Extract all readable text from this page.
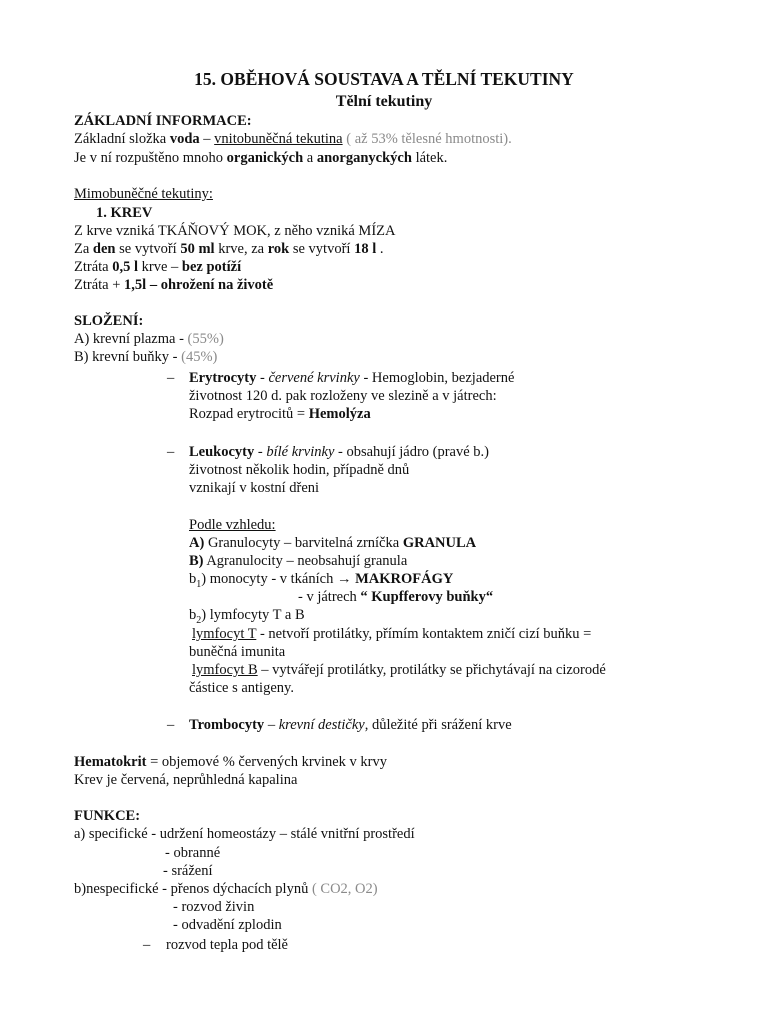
15. OBĚHOVÁ SOUSTAVA A TĚLNÍ TEKUTINY
Tělní tekutiny
ZÁKLADNÍ INFORMACE:
Základní složka voda – vnitobuněčná tekutina ( až 53% tělesné hmotnosti).
Je v ní rozpuštěno mnoho organických a anorganyckých látek.
Mimobuněčné tekutiny:
1. KREV
Z krve vzniká TKÁŇOVÝ MOK, z něho vzniká MÍZA
Za den se vytvoří 50 ml krve, za rok se vytvoří 18 l .
Ztráta 0,5 l krve – bez potíží
Ztráta + 1,5l – ohrožení na životě
SLOŽENÍ:
A) krevní plazma - (55%)
B) krevní buňky - (45%)
– Erytrocyty - červené krvinky - Hemoglobin, bezjaderné
životnost 120 d. pak rozloženy ve slezině a v játrech:
Rozpad erytrocitů = Hemolýza
– Leukocyty - bílé krvinky - obsahují jádro (pravé b.)
životnost několik hodin, případně dnů
vznikají v kostní dřeni
Podle vzhledu:
A) Granulocyty – barvitelná zrníčka GRANULA
B) Agranulocity – neobsahují granula
$b_1$) monocyty - v tkáních → MAKROFÁGY
- v játrech “ Kupfferovy buňky“
$b_2$) lymfocyty T a B
lymfocyt T - netvoří protilátky, přímím kontaktem zničí cizí buňku =
buněčná imunita
lymfocyt B – vytvářejí protilátky, protilátky se přichytávají na cizorodé
částice s antigeny.
– Trombocyty – krevní destičky, důležité při srážení krve
Hematokrit = objemové % červených krvinek v krvy
Krev je červená, neprůhledná kapalina
FUNKCE:
a) specifické - udržení homeostázy – stálé vnitřní prostředí
- obranné
- srážení
b)nespecifické - přenos dýchacích plynů ( CO2, O2)
- rozvod živin
- odvadění zplodin
– rozvod tepla pod tělě
